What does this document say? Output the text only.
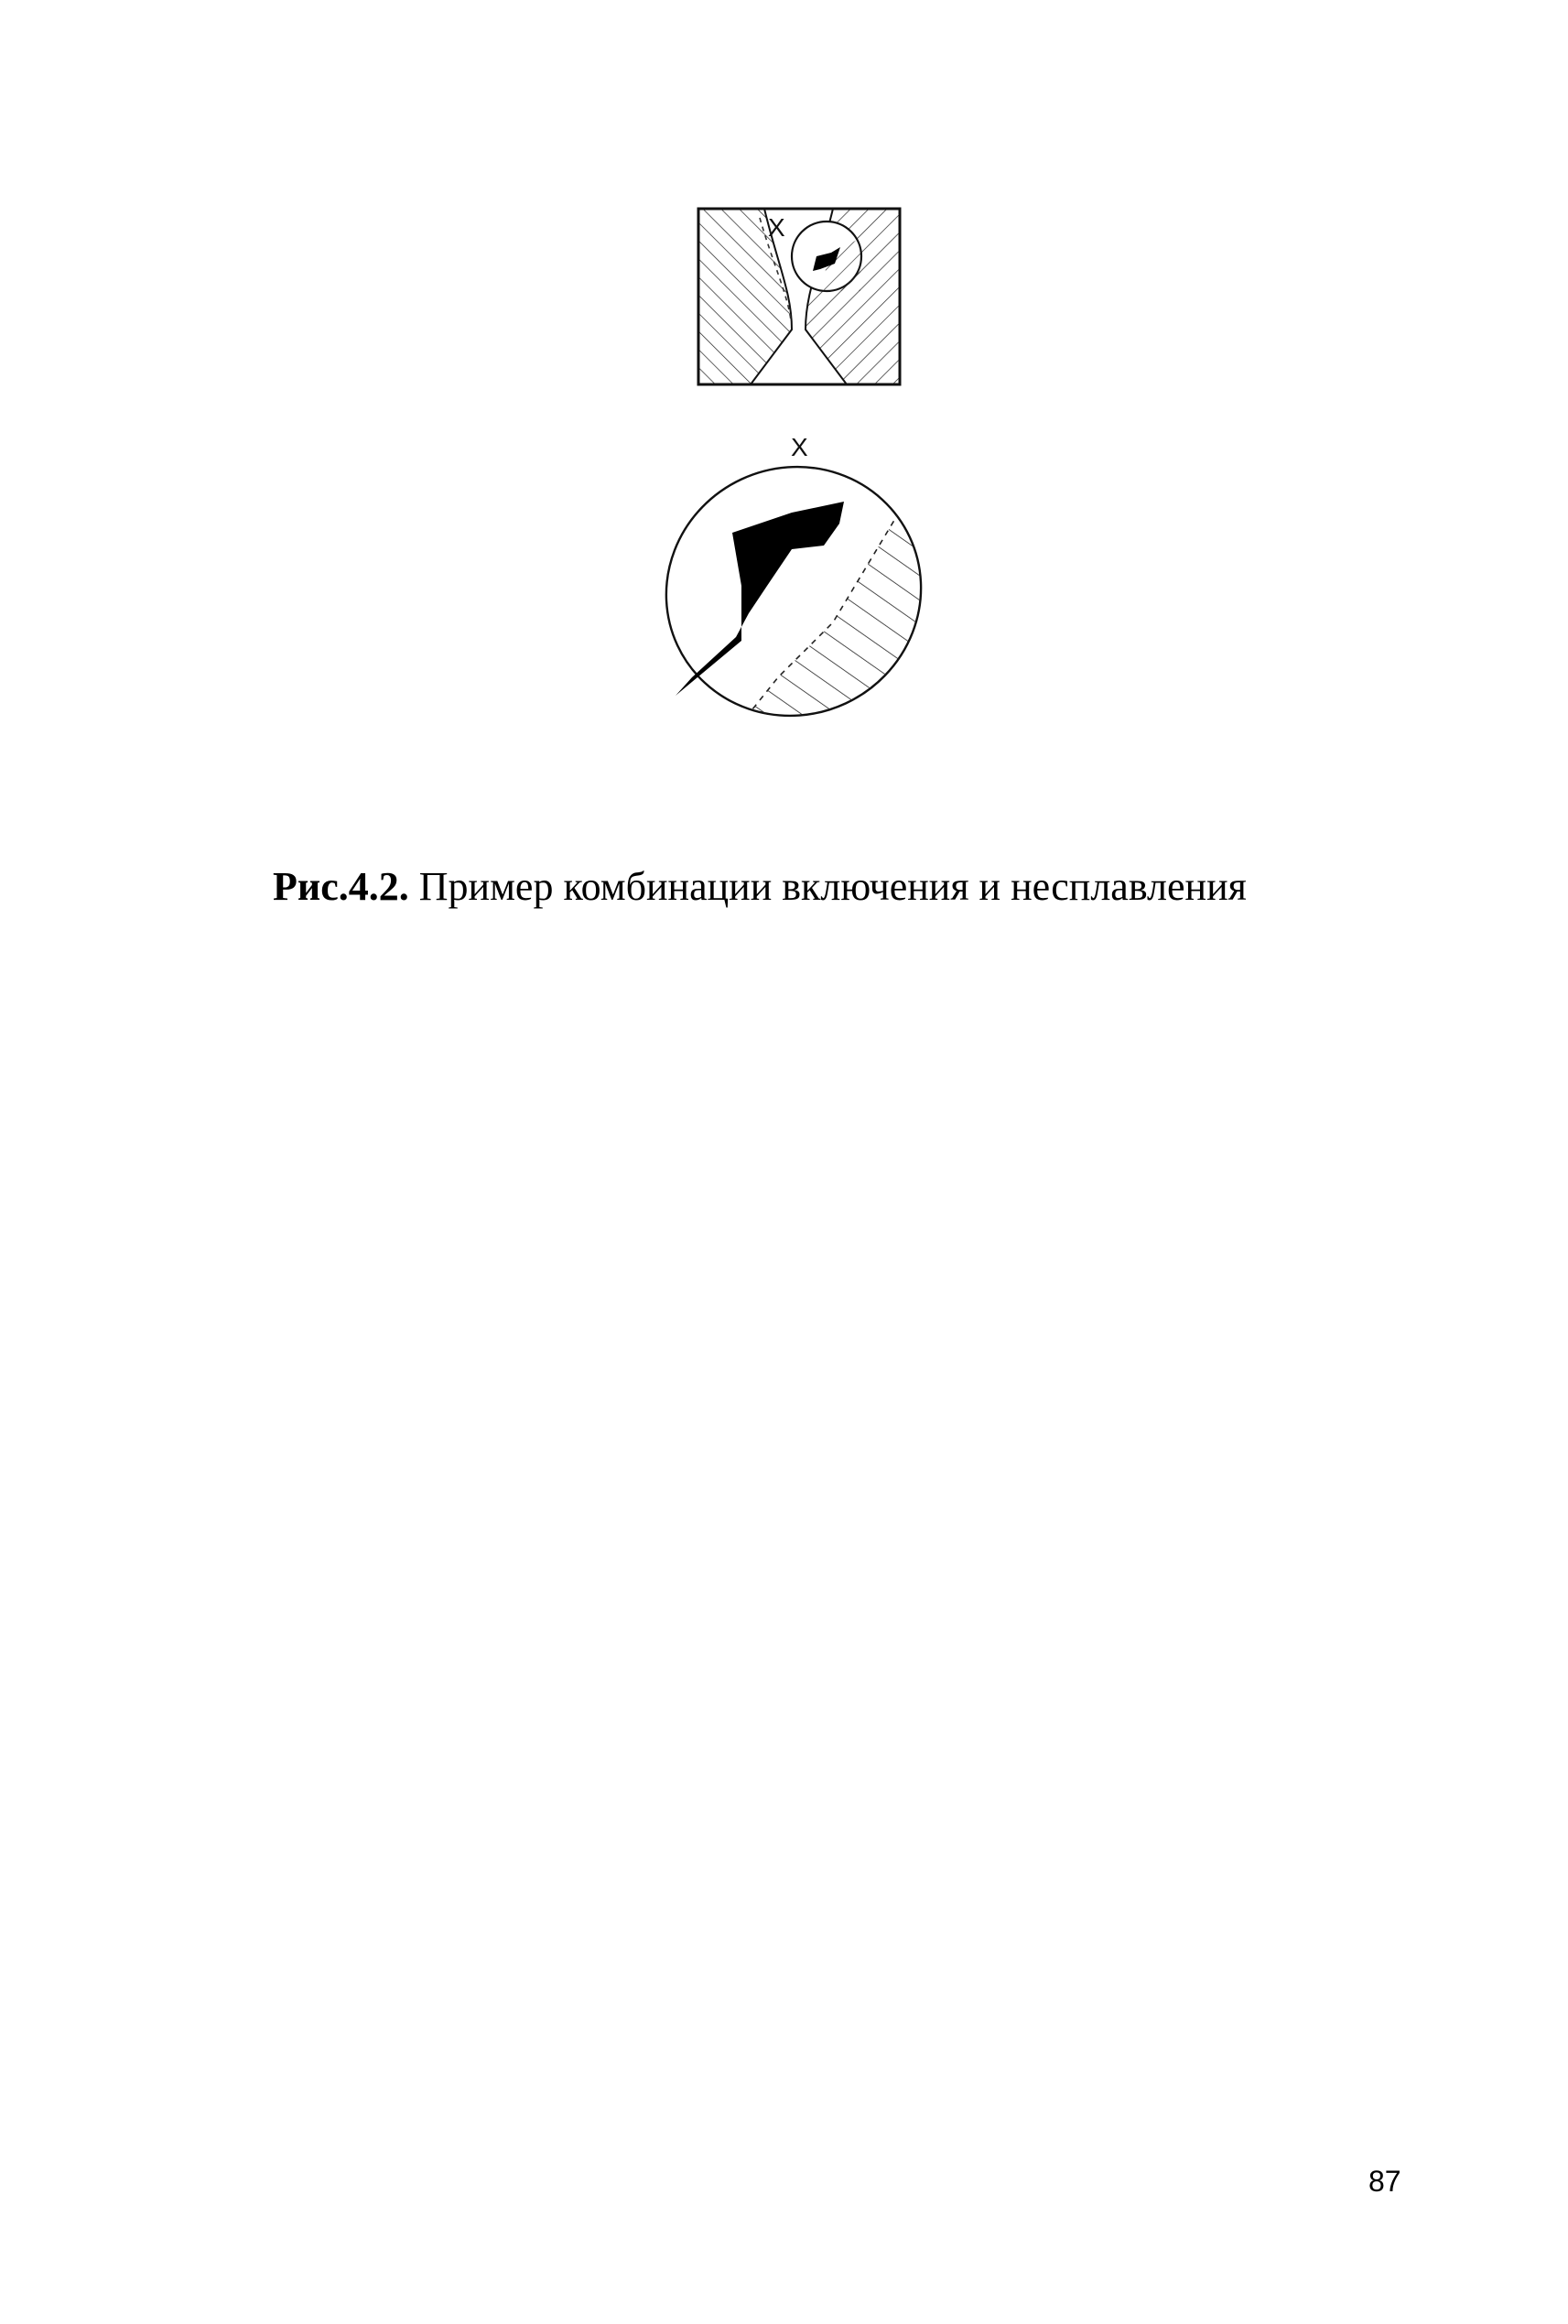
X
X
Рис.4.2. Пример комбинации включения и несплавления
87
